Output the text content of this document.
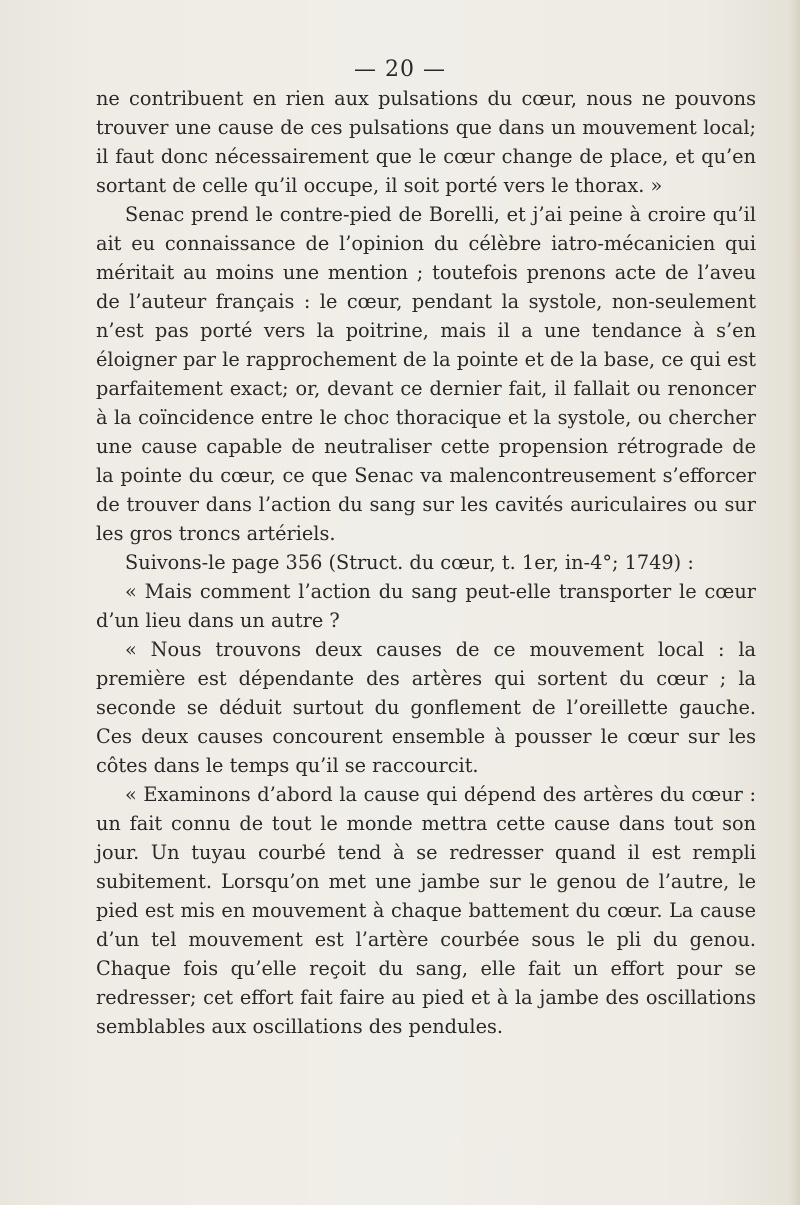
— 20 —

ne contribuent en rien aux pulsations du cœur, nous ne pouvons trouver une cause de ces pulsations que dans un mouvement local; il faut donc nécessairement que le cœur change de place, et qu’en sortant de celle qu’il occupe, il soit porté vers le thorax. »

Senac prend le contre-pied de Borelli, et j’ai peine à croire qu’il ait eu connaissance de l’opinion du célèbre iatro-mécanicien qui méritait au moins une mention ; toutefois prenons acte de l’aveu de l’auteur français : le cœur, pendant la systole, non-seulement n’est pas porté vers la poitrine, mais il a une tendance à s’en éloigner par le rapprochement de la pointe et de la base, ce qui est parfaitement exact; or, devant ce dernier fait, il fallait ou renoncer à la coïncidence entre le choc thoracique et la systole, ou chercher une cause capable de neutraliser cette propension rétrograde de la pointe du cœur, ce que Senac va malencontreusement s’efforcer de trouver dans l’action du sang sur les cavités auriculaires ou sur les gros troncs artériels.

Suivons-le page 356 (Struct. du cœur, t. 1er, in-4°; 1749) :

« Mais comment l’action du sang peut-elle transporter le cœur d’un lieu dans un autre ?

« Nous trouvons deux causes de ce mouvement local : la première est dépendante des artères qui sortent du cœur ; la seconde se déduit surtout du gonflement de l’oreillette gauche. Ces deux causes concourent ensemble à pousser le cœur sur les côtes dans le temps qu’il se raccourcit.

« Examinons d’abord la cause qui dépend des artères du cœur : un fait connu de tout le monde mettra cette cause dans tout son jour. Un tuyau courbé tend à se redresser quand il est rempli subitement. Lorsqu’on met une jambe sur le genou de l’autre, le pied est mis en mouvement à chaque battement du cœur. La cause d’un tel mouvement est l’artère courbée sous le pli du genou. Chaque fois qu’elle reçoit du sang, elle fait un effort pour se redresser; cet effort fait faire au pied et à la jambe des oscillations semblables aux oscillations des pendules.
